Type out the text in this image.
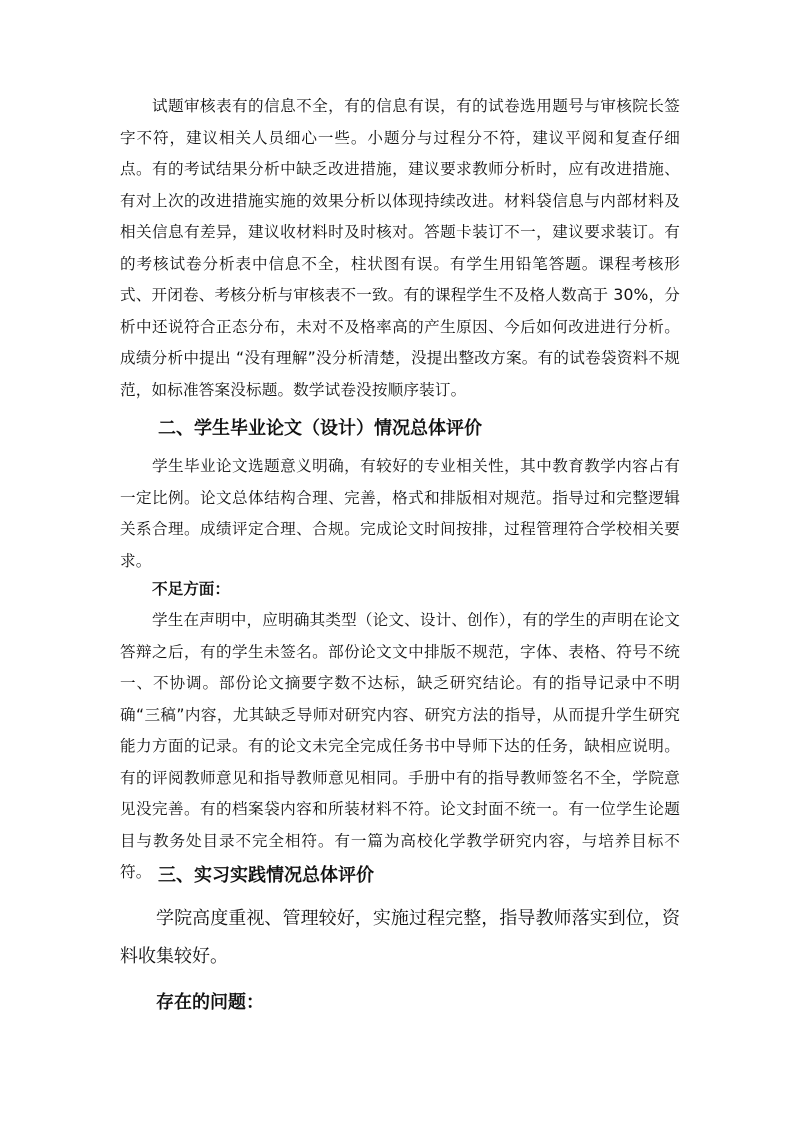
试题审核表有的信息不全，有的信息有误，有的试卷选用题号与审核院长签字不符，建议相关人员细心一些。小题分与过程分不符，建议平阅和复查仔细点。有的考试结果分析中缺乏改进措施，建议要求教师分析时，应有改进措施、有对上次的改进措施实施的效果分析以体现持续改进。材料袋信息与内部材料及相关信息有差异，建议收材料时及时核对。答题卡装订不一，建议要求装订。有的考核试卷分析表中信息不全，柱状图有误。有学生用铅笔答题。课程考核形式、开闭卷、考核分析与审核表不一致。有的课程学生不及格人数高于 30%，分析中还说符合正态分布，未对不及格率高的产生原因、今后如何改进进行分析。成绩分析中提出 “没有理解”没分析清楚，没提出整改方案。有的试卷袋资料不规范，如标准答案没标题。数学试卷没按顺序装订。

二、学生毕业论文（设计）情况总体评价

学生毕业论文选题意义明确，有较好的专业相关性，其中教育教学内容占有一定比例。论文总体结构合理、完善，格式和排版相对规范。指导过和完整逻辑关系合理。成绩评定合理、合规。完成论文时间按排，过程管理符合学校相关要求。

不足方面：

学生在声明中，应明确其类型（论文、设计、创作），有的学生的声明在论文答辩之后，有的学生未签名。部份论文文中排版不规范，字体、表格、符号不统一、不协调。部份论文摘要字数不达标，缺乏研究结论。有的指导记录中不明确“三稿”内容，尤其缺乏导师对研究内容、研究方法的指导，从而提升学生研究能力方面的记录。有的论文未完全完成任务书中导师下达的任务，缺相应说明。有的评阅教师意见和指导教师意见相同。手册中有的指导教师签名不全，学院意见没完善。有的档案袋内容和所装材料不符。论文封面不统一。有一位学生论题目与教务处目录不完全相符。有一篇为高校化学教学研究内容，与培养目标不符。 三、实习实践情况总体评价

学院高度重视、管理较好，实施过程完整，指导教师落实到位，资料收集较好。

存在的问题：
